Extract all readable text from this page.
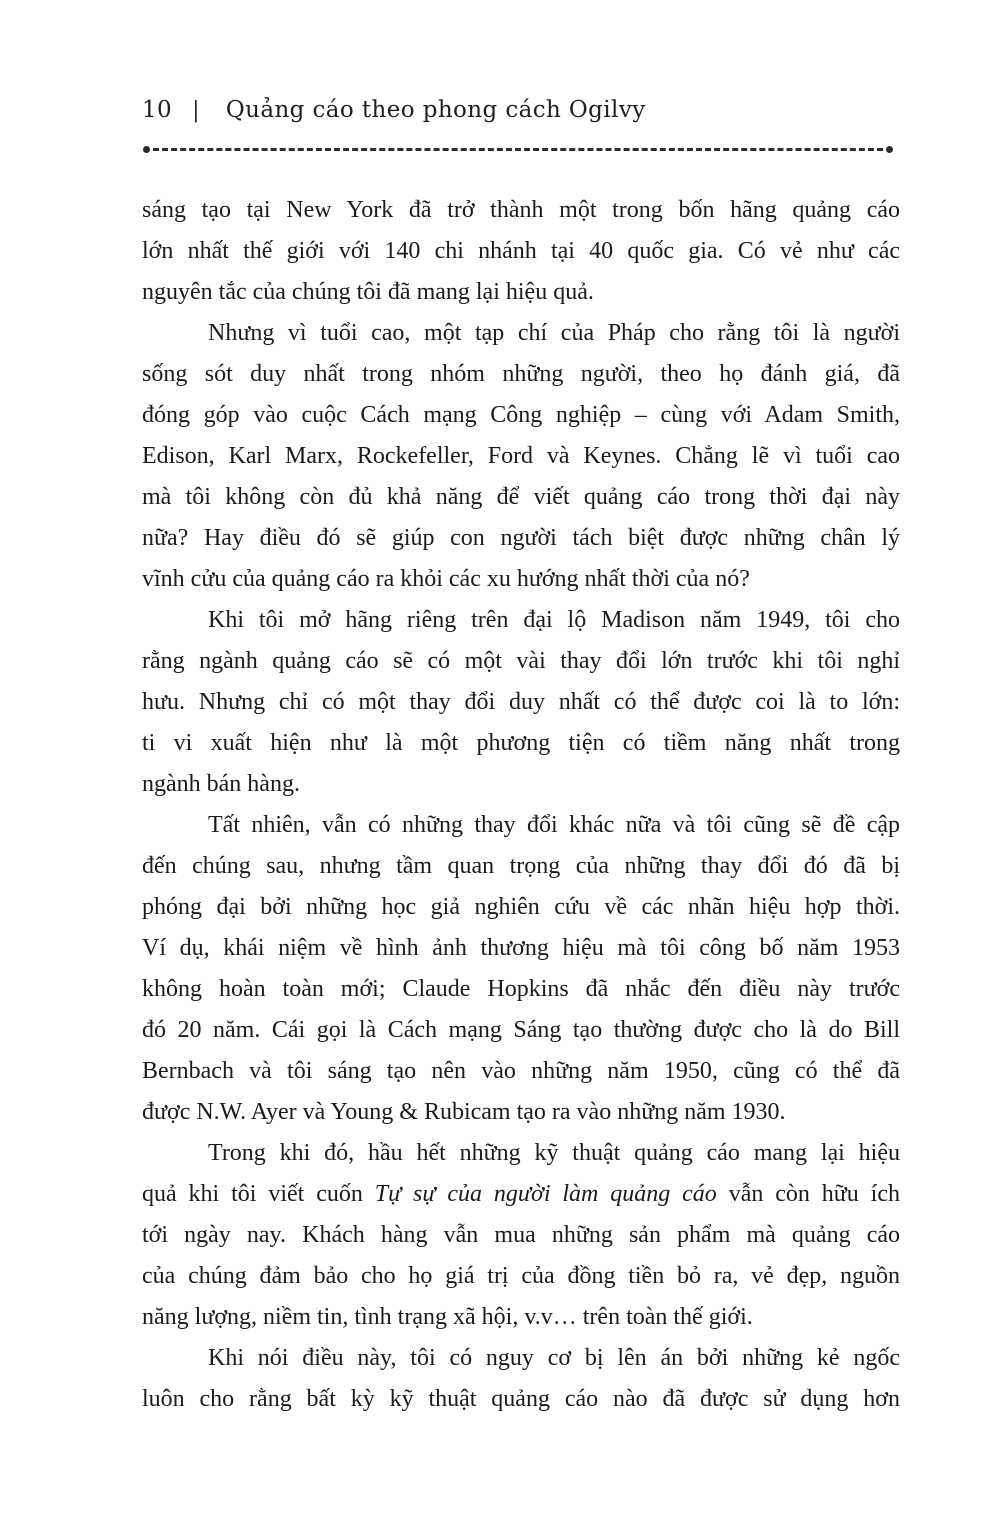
10 | Quảng cáo theo phong cách Ogilvy
sáng tạo tại New York đã trở thành một trong bốn hãng quảng cáo
lớn nhất thế giới với 140 chi nhánh tại 40 quốc gia. Có vẻ như các
nguyên tắc của chúng tôi đã mang lại hiệu quả.
Nhưng vì tuổi cao, một tạp chí của Pháp cho rằng tôi là người
sống sót duy nhất trong nhóm những người, theo họ đánh giá, đã
đóng góp vào cuộc Cách mạng Công nghiệp – cùng với Adam Smith,
Edison, Karl Marx, Rockefeller, Ford và Keynes. Chẳng lẽ vì tuổi cao
mà tôi không còn đủ khả năng để viết quảng cáo trong thời đại này
nữa? Hay điều đó sẽ giúp con người tách biệt được những chân lý
vĩnh cửu của quảng cáo ra khỏi các xu hướng nhất thời của nó?
Khi tôi mở hãng riêng trên đại lộ Madison năm 1949, tôi cho
rằng ngành quảng cáo sẽ có một vài thay đổi lớn trước khi tôi nghỉ
hưu. Nhưng chỉ có một thay đổi duy nhất có thể được coi là to lớn:
ti vi xuất hiện như là một phương tiện có tiềm năng nhất trong
ngành bán hàng.
Tất nhiên, vẫn có những thay đổi khác nữa và tôi cũng sẽ đề cập
đến chúng sau, nhưng tầm quan trọng của những thay đổi đó đã bị
phóng đại bởi những học giả nghiên cứu về các nhãn hiệu hợp thời.
Ví dụ, khái niệm về hình ảnh thương hiệu mà tôi công bố năm 1953
không hoàn toàn mới; Claude Hopkins đã nhắc đến điều này trước
đó 20 năm. Cái gọi là Cách mạng Sáng tạo thường được cho là do Bill
Bernbach và tôi sáng tạo nên vào những năm 1950, cũng có thể đã
được N.W. Ayer và Young & Rubicam tạo ra vào những năm 1930.
Trong khi đó, hầu hết những kỹ thuật quảng cáo mang lại hiệu
quả khi tôi viết cuốn Tự sự của người làm quảng cáo vẫn còn hữu ích
tới ngày nay. Khách hàng vẫn mua những sản phẩm mà quảng cáo
của chúng đảm bảo cho họ giá trị của đồng tiền bỏ ra, vẻ đẹp, nguồn
năng lượng, niềm tin, tình trạng xã hội, v.v… trên toàn thế giới.
Khi nói điều này, tôi có nguy cơ bị lên án bởi những kẻ ngốc
luôn cho rằng bất kỳ kỹ thuật quảng cáo nào đã được sử dụng hơn
